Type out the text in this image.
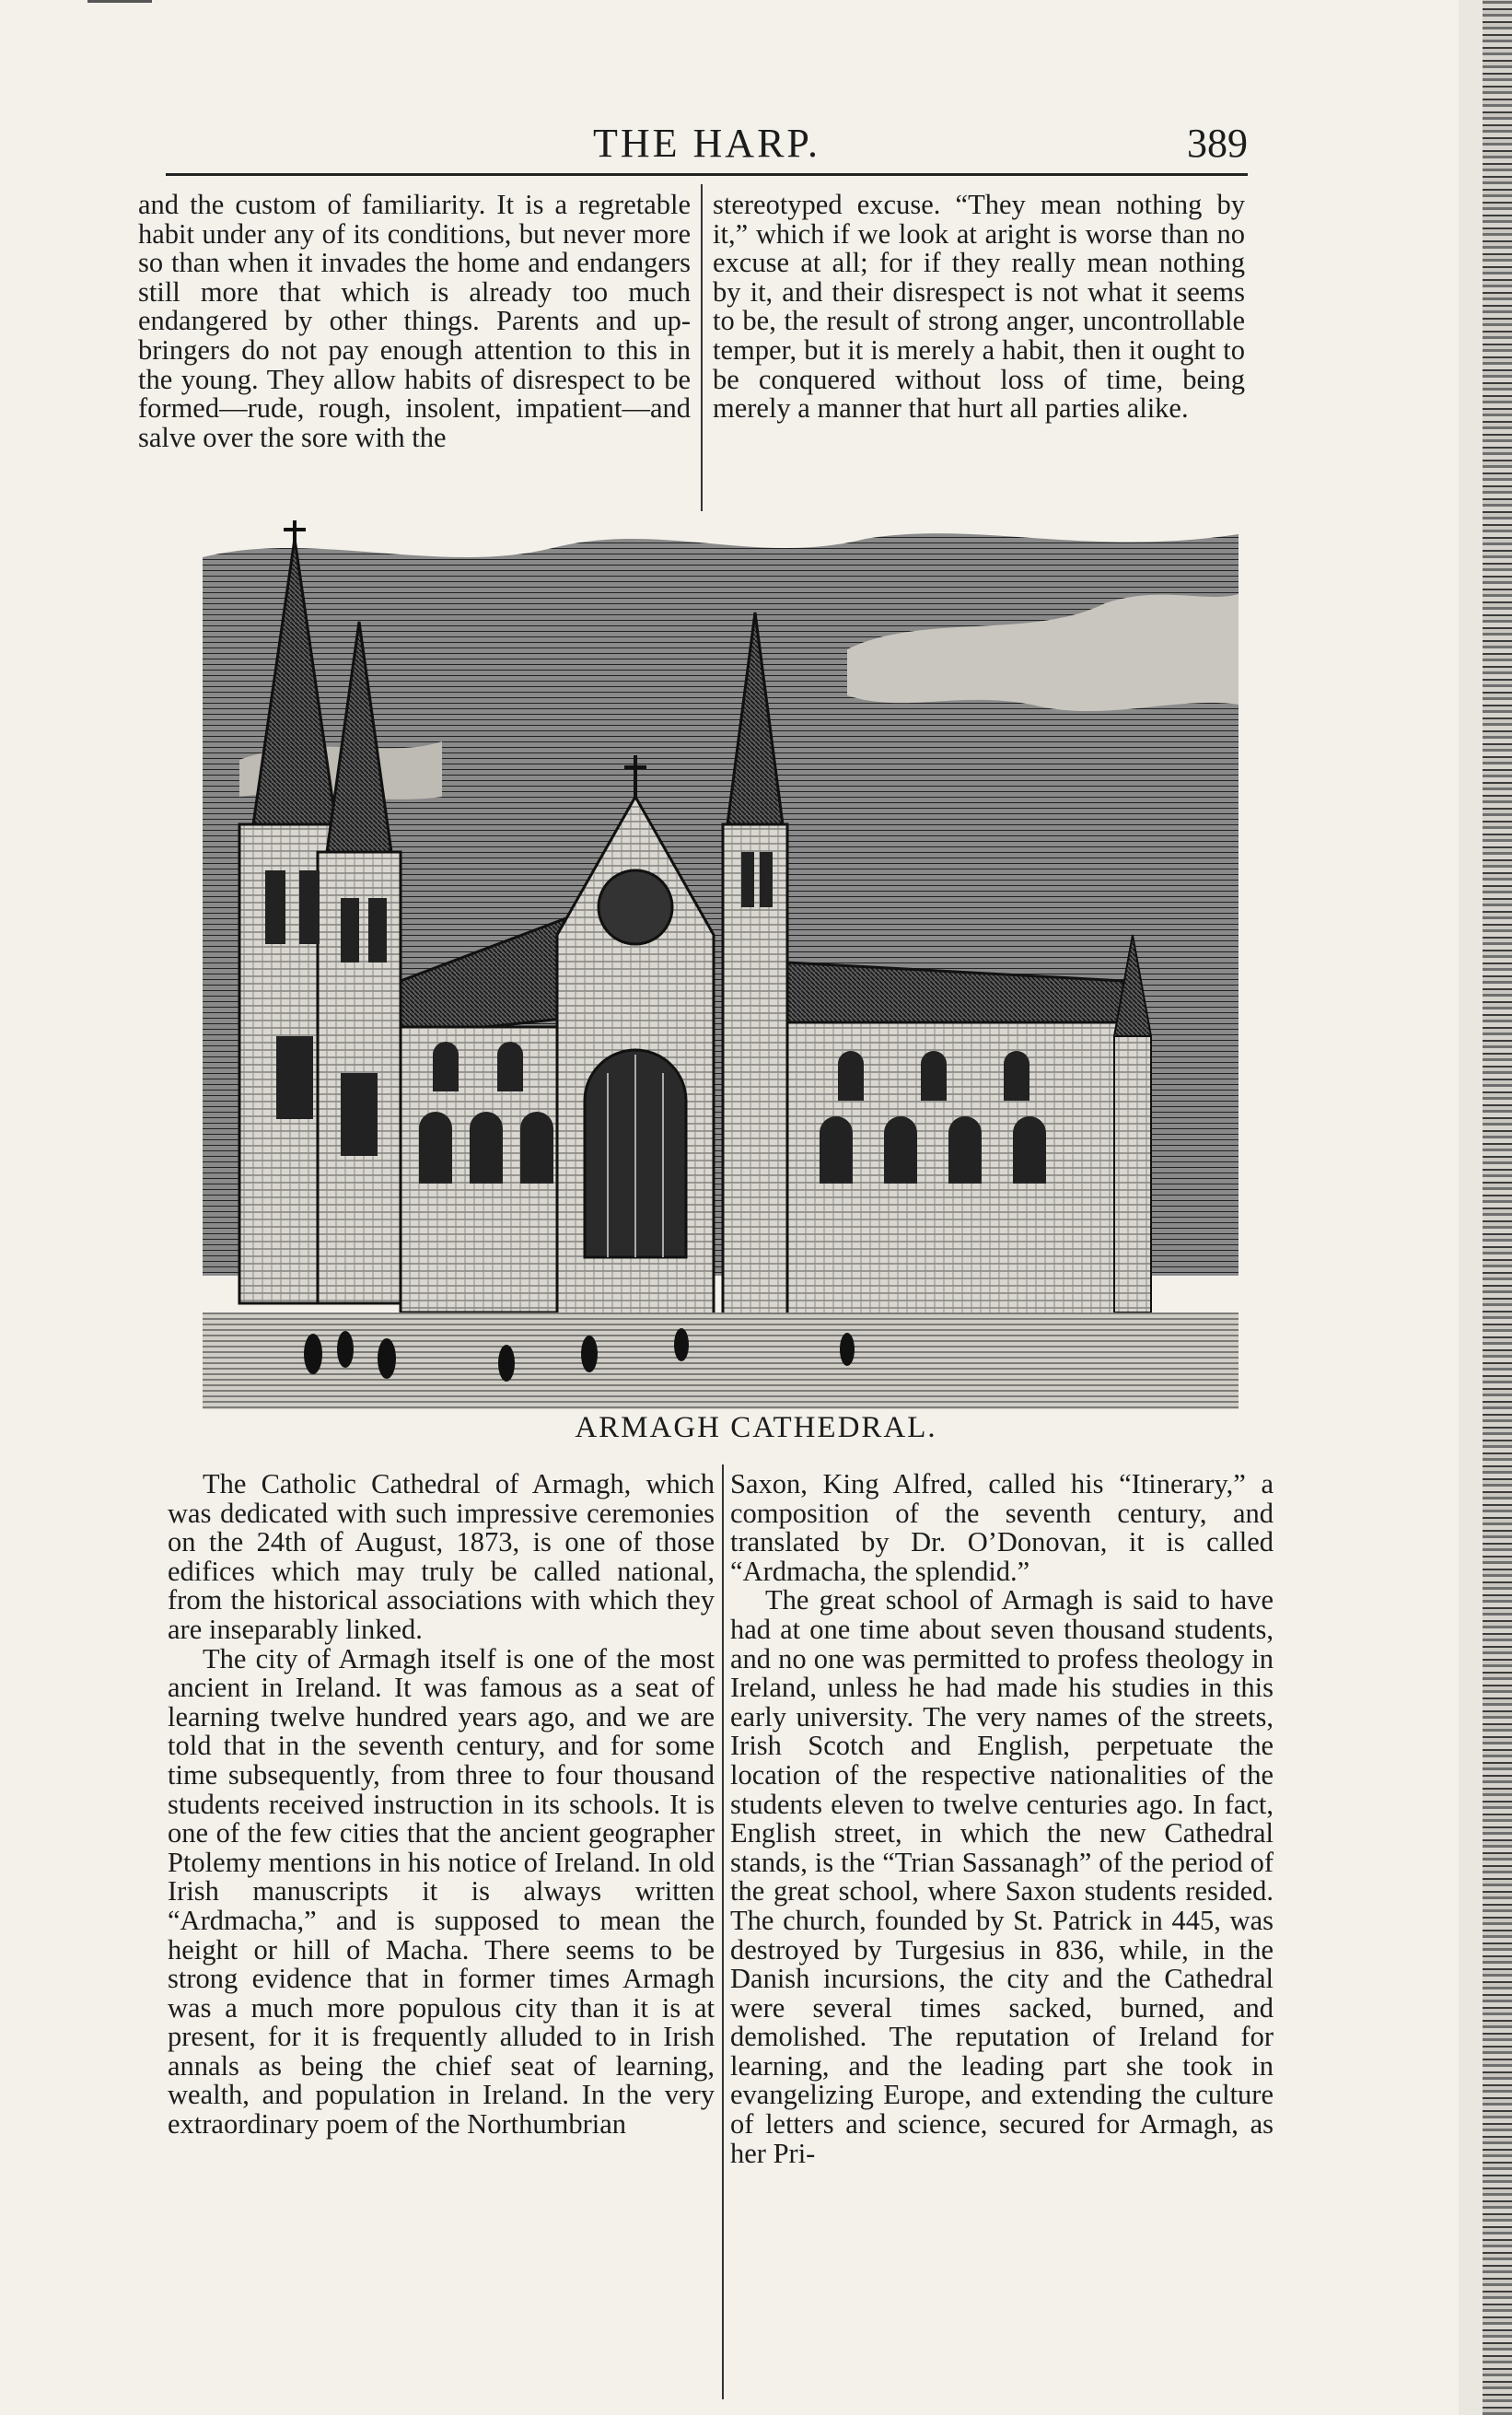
THE HARP.	389

and the custom of familiarity. It is a regretable habit under any of its conditions, but never more so than when it invades the home and endangers still more that which is already too much endangered by other things. Parents and up-bringers do not pay enough attention to this in the young. They allow habits of disrespect to be formed—rude, rough, insolent, impatient—and salve over the sore with the

stereotyped excuse. “They mean nothing by it,” which if we look at aright is worse than no excuse at all; for if they really mean nothing by it, and their disrespect is not what it seems to be, the result of strong anger, uncontrollable temper, but it is merely a habit, then it ought to be conquered without loss of time, being merely a manner that hurt all parties alike.

ARMAGH CATHEDRAL.

The Catholic Cathedral of Armagh, which was dedicated with such impressive ceremonies on the 24th of August, 1873, is one of those edifices which may truly be called national, from the historical associations with which they are inseparably linked.

The city of Armagh itself is one of the most ancient in Ireland. It was famous as a seat of learning twelve hundred years ago, and we are told that in the seventh century, and for some time subsequently, from three to four thousand students received instruction in its schools. It is one of the few cities that the ancient geographer Ptolemy mentions in his notice of Ireland. In old Irish manuscripts it is always written “Ardmacha,” and is supposed to mean the height or hill of Macha. There seems to be strong evidence that in former times Armagh was a much more populous city than it is at present, for it is frequently alluded to in Irish annals as being the chief seat of learning, wealth, and population in Ireland. In the very extraordinary poem of the Northumbrian

Saxon, King Alfred, called his “Itinerary,” a composition of the seventh century, and translated by Dr. O’Donovan, it is called “Ardmacha, the splendid.”

The great school of Armagh is said to have had at one time about seven thousand students, and no one was permitted to profess theology in Ireland, unless he had made his studies in this early university. The very names of the streets, Irish Scotch and English, perpetuate the location of the respective nationalities of the students eleven to twelve centuries ago. In fact, English street, in which the new Cathedral stands, is the “Trian Sassanagh” of the period of the great school, where Saxon students resided. The church, founded by St. Patrick in 445, was destroyed by Turgesius in 836, while, in the Danish incursions, the city and the Cathedral were several times sacked, burned, and demolished. The reputation of Ireland for learning, and the leading part she took in evangelizing Europe, and extending the culture of letters and science, secured for Armagh, as her Pri-
